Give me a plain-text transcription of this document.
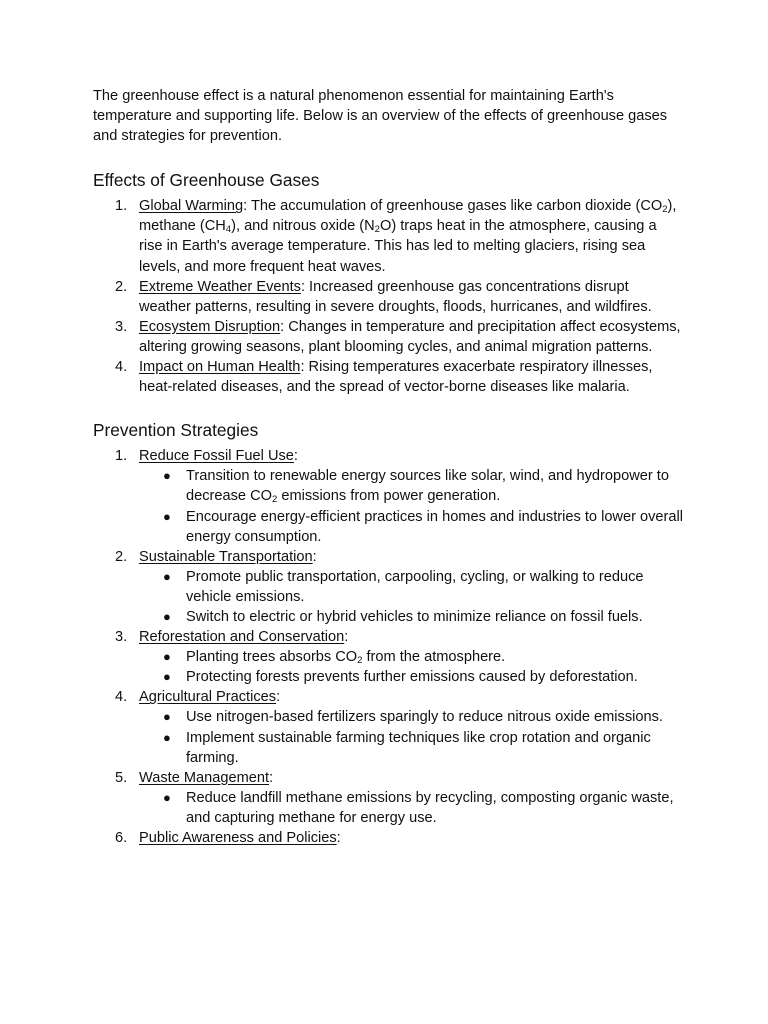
The greenhouse effect is a natural phenomenon essential for maintaining Earth's temperature and supporting life. Below is an overview of the effects of greenhouse gases and strategies for prevention.

Effects of Greenhouse Gases
1. Global Warming: The accumulation of greenhouse gases like carbon dioxide $(CO_2)$, methane $(CH_4)$, and nitrous oxide $(N_2O)$ traps heat in the atmosphere, causing a rise in Earth's average temperature. This has led to melting glaciers, rising sea levels, and more frequent heat waves.
2. Extreme Weather Events: Increased greenhouse gas concentrations disrupt weather patterns, resulting in severe droughts, floods, hurricanes, and wildfires.
3. Ecosystem Disruption: Changes in temperature and precipitation affect ecosystems, altering growing seasons, plant blooming cycles, and animal migration patterns.
4. Impact on Human Health: Rising temperatures exacerbate respiratory illnesses, heat-related diseases, and the spread of vector-borne diseases like malaria.
Prevention Strategies
1. Reduce Fossil Fuel Use:
● Transition to renewable energy sources like solar, wind, and hydropower to decrease $CO_2$ emissions from power generation.
● Encourage energy-efficient practices in homes and industries to lower overall energy consumption.
2. Sustainable Transportation:
● Promote public transportation, carpooling, cycling, or walking to reduce vehicle emissions.
● Switch to electric or hybrid vehicles to minimize reliance on fossil fuels.
3. Reforestation and Conservation:
● Planting trees absorbs $CO_2$ from the atmosphere.
● Protecting forests prevents further emissions caused by deforestation.
4. Agricultural Practices:
● Use nitrogen-based fertilizers sparingly to reduce nitrous oxide emissions.
● Implement sustainable farming techniques like crop rotation and organic farming.
5. Waste Management:
● Reduce landfill methane emissions by recycling, composting organic waste, and capturing methane for energy use.
6. Public Awareness and Policies:
